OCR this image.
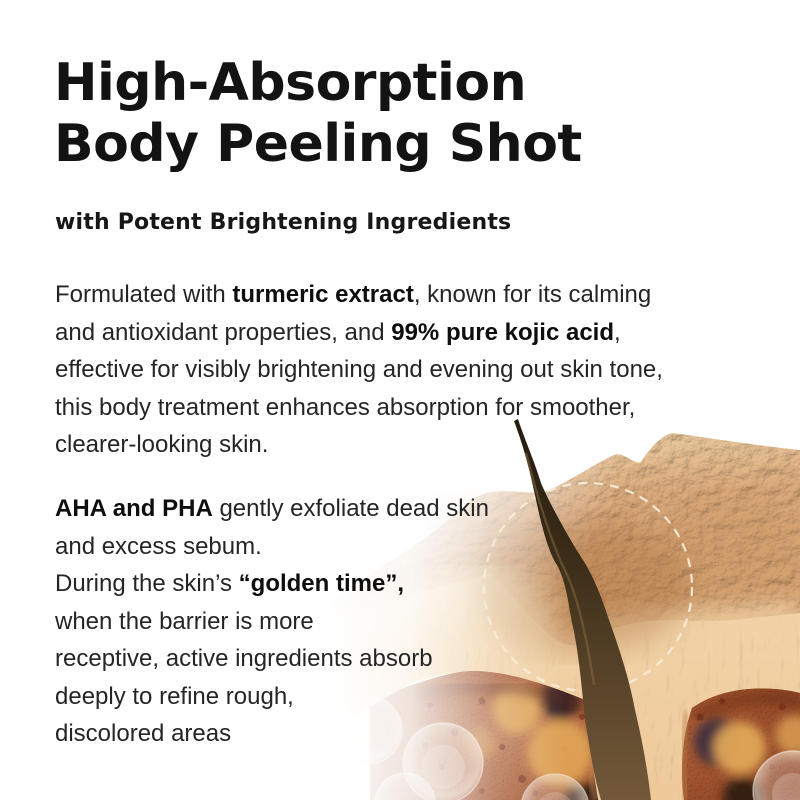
High-Absorption
Body Peeling Shot
with Potent Brightening Ingredients
Formulated with turmeric extract, known for its calming
and antioxidant properties, and 99% pure kojic acid,
effective for visibly brightening and evening out skin tone,
this body treatment enhances absorption for smoother,
clearer-looking skin.
AHA and PHA gently exfoliate dead skin
and excess sebum.
During the skin’s “golden time”,
when the barrier is more
receptive, active ingredients absorb
deeply to refine rough,
discolored areas
